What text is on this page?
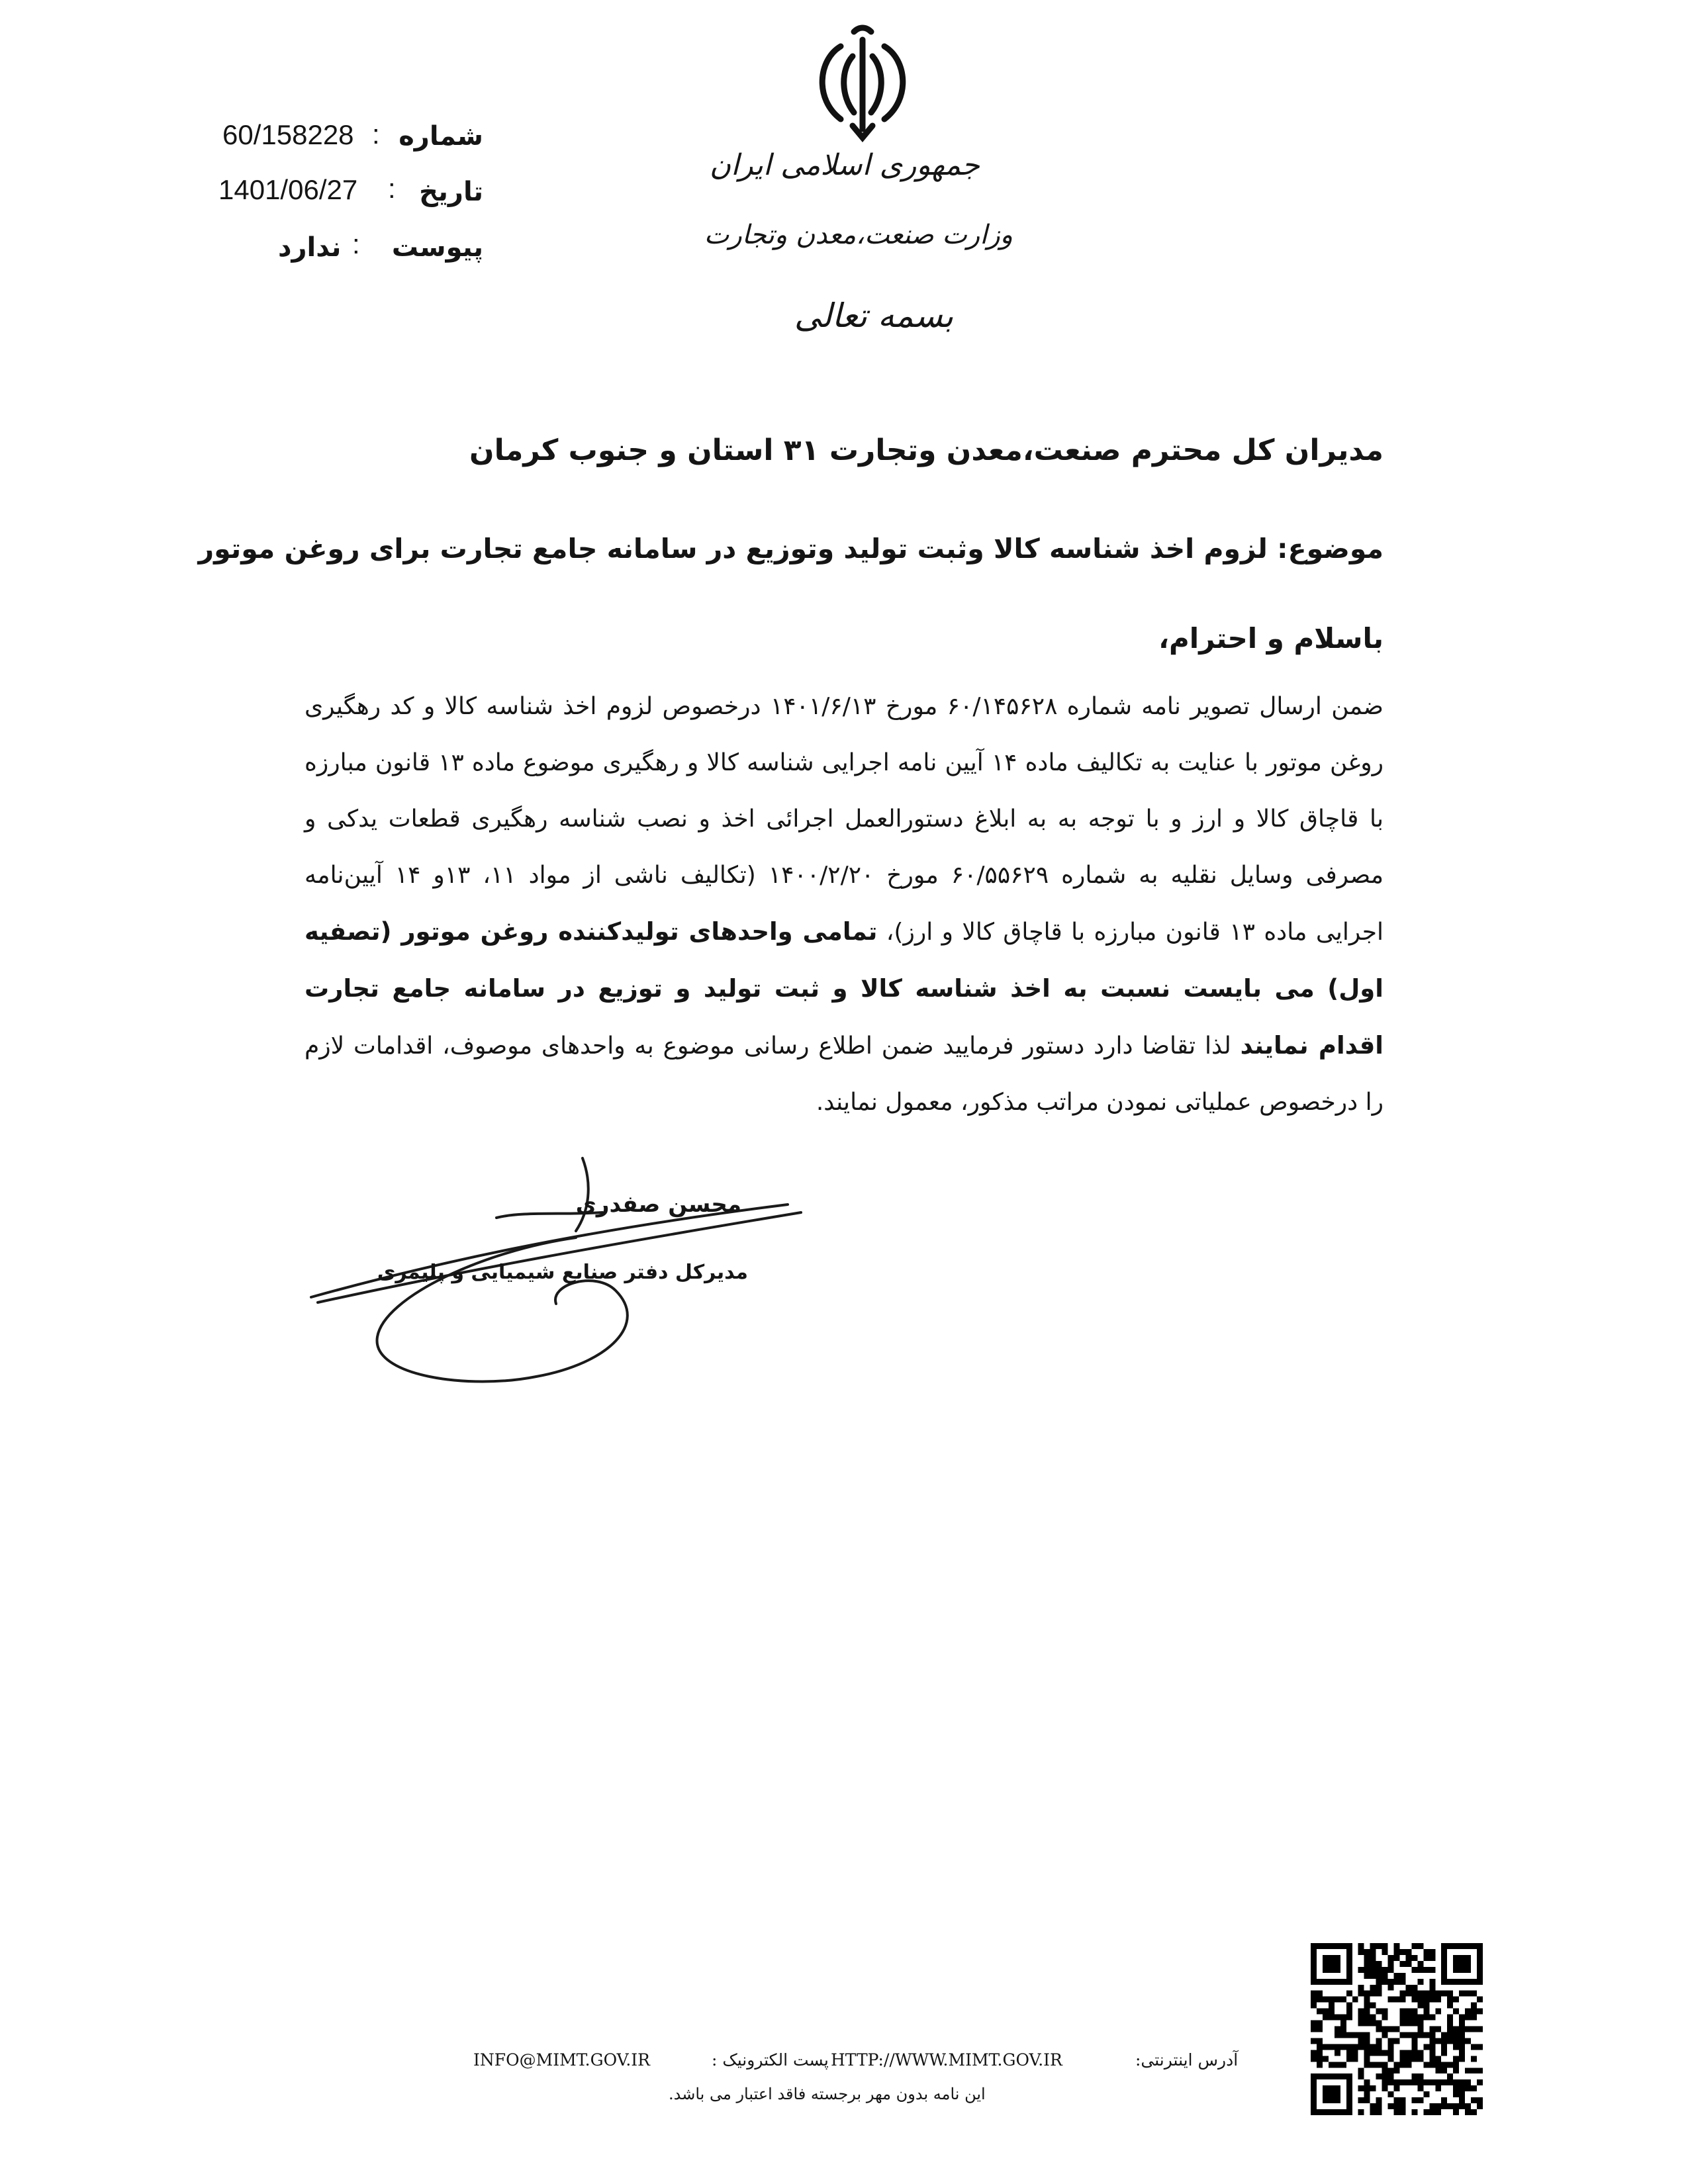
جمهوری اسلامی ایران
وزارت صنعت،معدن وتجارت
بسمه تعالی
شماره
:
60/158228
تاریخ
:
1401/06/27
پیوست
:
ندارد
مدیران کل محترم صنعت،معدن وتجارت ۳۱ استان و جنوب کرمان
موضوع: لزوم اخذ شناسه کالا وثبت تولید وتوزیع در سامانه جامع تجارت برای روغن موتور
باسلام و احترام،
ضمن ارسال تصویر نامه شماره ۶۰/۱۴۵۶۲۸ مورخ ۱۴۰۱/۶/۱۳ درخصوص لزوم اخذ شناسه کالا و کد رهگیری روغن موتور با عنایت به تکالیف ماده ۱۴ آیین نامه اجرایی شناسه کالا و رهگیری موضوع ماده ۱۳ قانون مبارزه با قاچاق کالا و ارز و با توجه به به ابلاغ دستورالعمل اجرائی اخذ و نصب شناسه رهگیری قطعات یدکی و مصرفی وسایل نقلیه به شماره ۶۰/۵۵۶۲۹ مورخ ۱۴۰۰/۲/۲۰ (تکالیف ناشی از مواد ۱۱، ۱۳و ۱۴ آیین‌نامه اجرایی ماده ۱۳ قانون مبارزه با قاچاق کالا و ارز)، تمامی واحدهای تولیدکننده روغن موتور (تصفیه اول) می بایست نسبت به اخذ شناسه کالا و ثبت تولید و توزیع در سامانه جامع تجارت اقدام نمایند لذا تقاضا دارد دستور فرمایید ضمن اطلاع رسانی موضوع به واحدهای موصوف، اقدامات لازم را درخصوص عملیاتی نمودن مراتب مذکور، معمول نمایند.
محسن صفدری
مدیرکل دفتر صنایع شیمیایی و پلیمری
آدرس اینترنتی:
HTTP://WWW.MIMT.GOV.IR
پست الکترونیک :
INFO@MIMT.GOV.IR
این نامه بدون مهر برجسته فاقد اعتبار می باشد.
